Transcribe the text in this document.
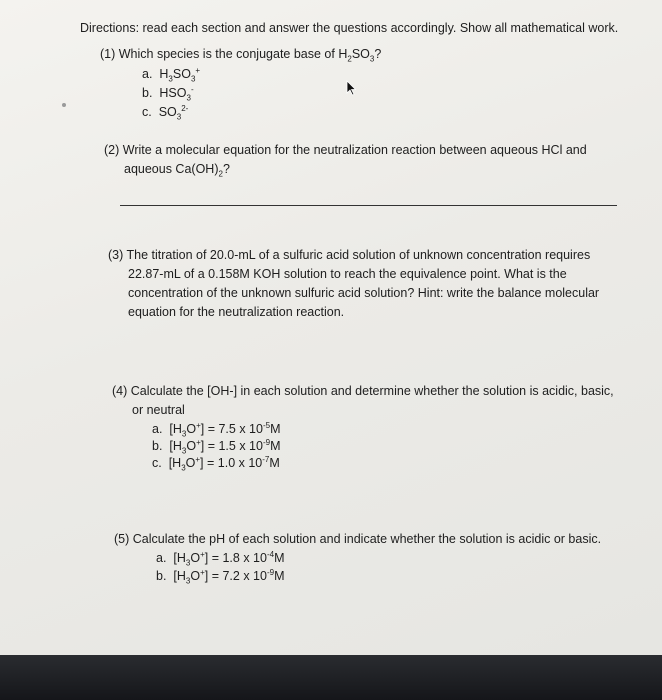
Directions: read each section and answer the questions accordingly. Show all mathematical work.
(1) Which species is the conjugate base of $H_2SO_3$?
a. $H_3SO_3^+$
b. $HSO_3^-$
c. $SO_3^{2-}$
(2) Write a molecular equation for the neutralization reaction between aqueous HCl and
aqueous $Ca(OH)_2$?
(3) The titration of 20.0-mL of a sulfuric acid solution of unknown concentration requires
22.87-mL of a 0.158M KOH solution to reach the equivalence point. What is the
concentration of the unknown sulfuric acid solution? Hint: write the balance molecular
equation for the neutralization reaction.
(4) Calculate the [OH-] in each solution and determine whether the solution is acidic, basic,
or neutral
a. $[H_3O^+] = 7.5$ x $10^{-5}M$
b. $[H_3O^+] = 1.5$ x $10^{-9}M$
c. $[H_3O^+] = 1.0$ x $10^{-7}M$
(5) Calculate the pH of each solution and indicate whether the solution is acidic or basic.
a. $[H_3O^+] = 1.8$ x $10^{-4}M$
b. $[H_3O^+] = 7.2$ x $10^{-9}M$
